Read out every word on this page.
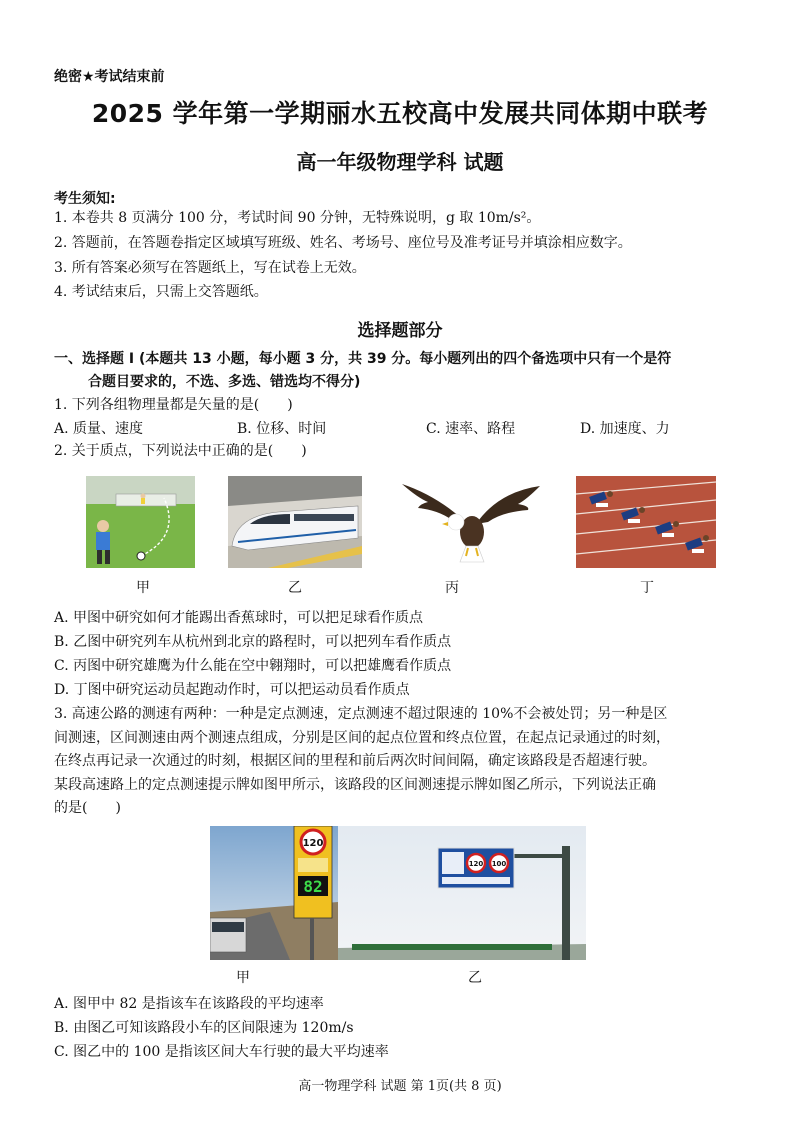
绝密★考试结束前
2025 学年第一学期丽水五校高中发展共同体期中联考
高一年级物理学科 试题
考生须知:
1. 本卷共 8 页满分 100 分，考试时间 90 分钟，无特殊说明，g 取 10m/s²。
2. 答题前，在答题卷指定区域填写班级、姓名、考场号、座位号及准考证号并填涂相应数字。
3. 所有答案必须写在答题纸上，写在试卷上无效。
4. 考试结束后，只需上交答题纸。
选择题部分
一、选择题 I (本题共 13 小题，每小题 3 分，共 39 分。每小题列出的四个备选项中只有一个是符
合题目要求的，不选、多选、错选均不得分)
1. 下列各组物理量都是矢量的是(　　)
A. 质量、速度	B. 位移、时间	C. 速率、路程	D. 加速度、力
2. 关于质点，下列说法中正确的是(　　)
甲	乙	丙	丁
A. 甲图中研究如何才能踢出香蕉球时，可以把足球看作质点
B. 乙图中研究列车从杭州到北京的路程时，可以把列车看作质点
C. 丙图中研究雄鹰为什么能在空中翱翔时，可以把雄鹰看作质点
D. 丁图中研究运动员起跑动作时，可以把运动员看作质点
3. 高速公路的测速有两种：一种是定点测速，定点测速不超过限速的 10%不会被处罚；另一种是区
间测速，区间测速由两个测速点组成，分别是区间的起点位置和终点位置，在起点记录通过的时刻，
在终点再记录一次通过的时刻，根据区间的里程和前后两次时间间隔，确定该路段是否超速行驶。
某段高速路上的定点测速提示牌如图甲所示，该路段的区间测速提示牌如图乙所示，下列说法正确
的是(　　)
120
82
120 100
甲	乙
A. 图甲中 82 是指该车在该路段的平均速率
B. 由图乙可知该路段小车的区间限速为 120m/s
C. 图乙中的 100 是指该区间大车行驶的最大平均速率
高一物理学科 试题 第 1页(共 8 页)
